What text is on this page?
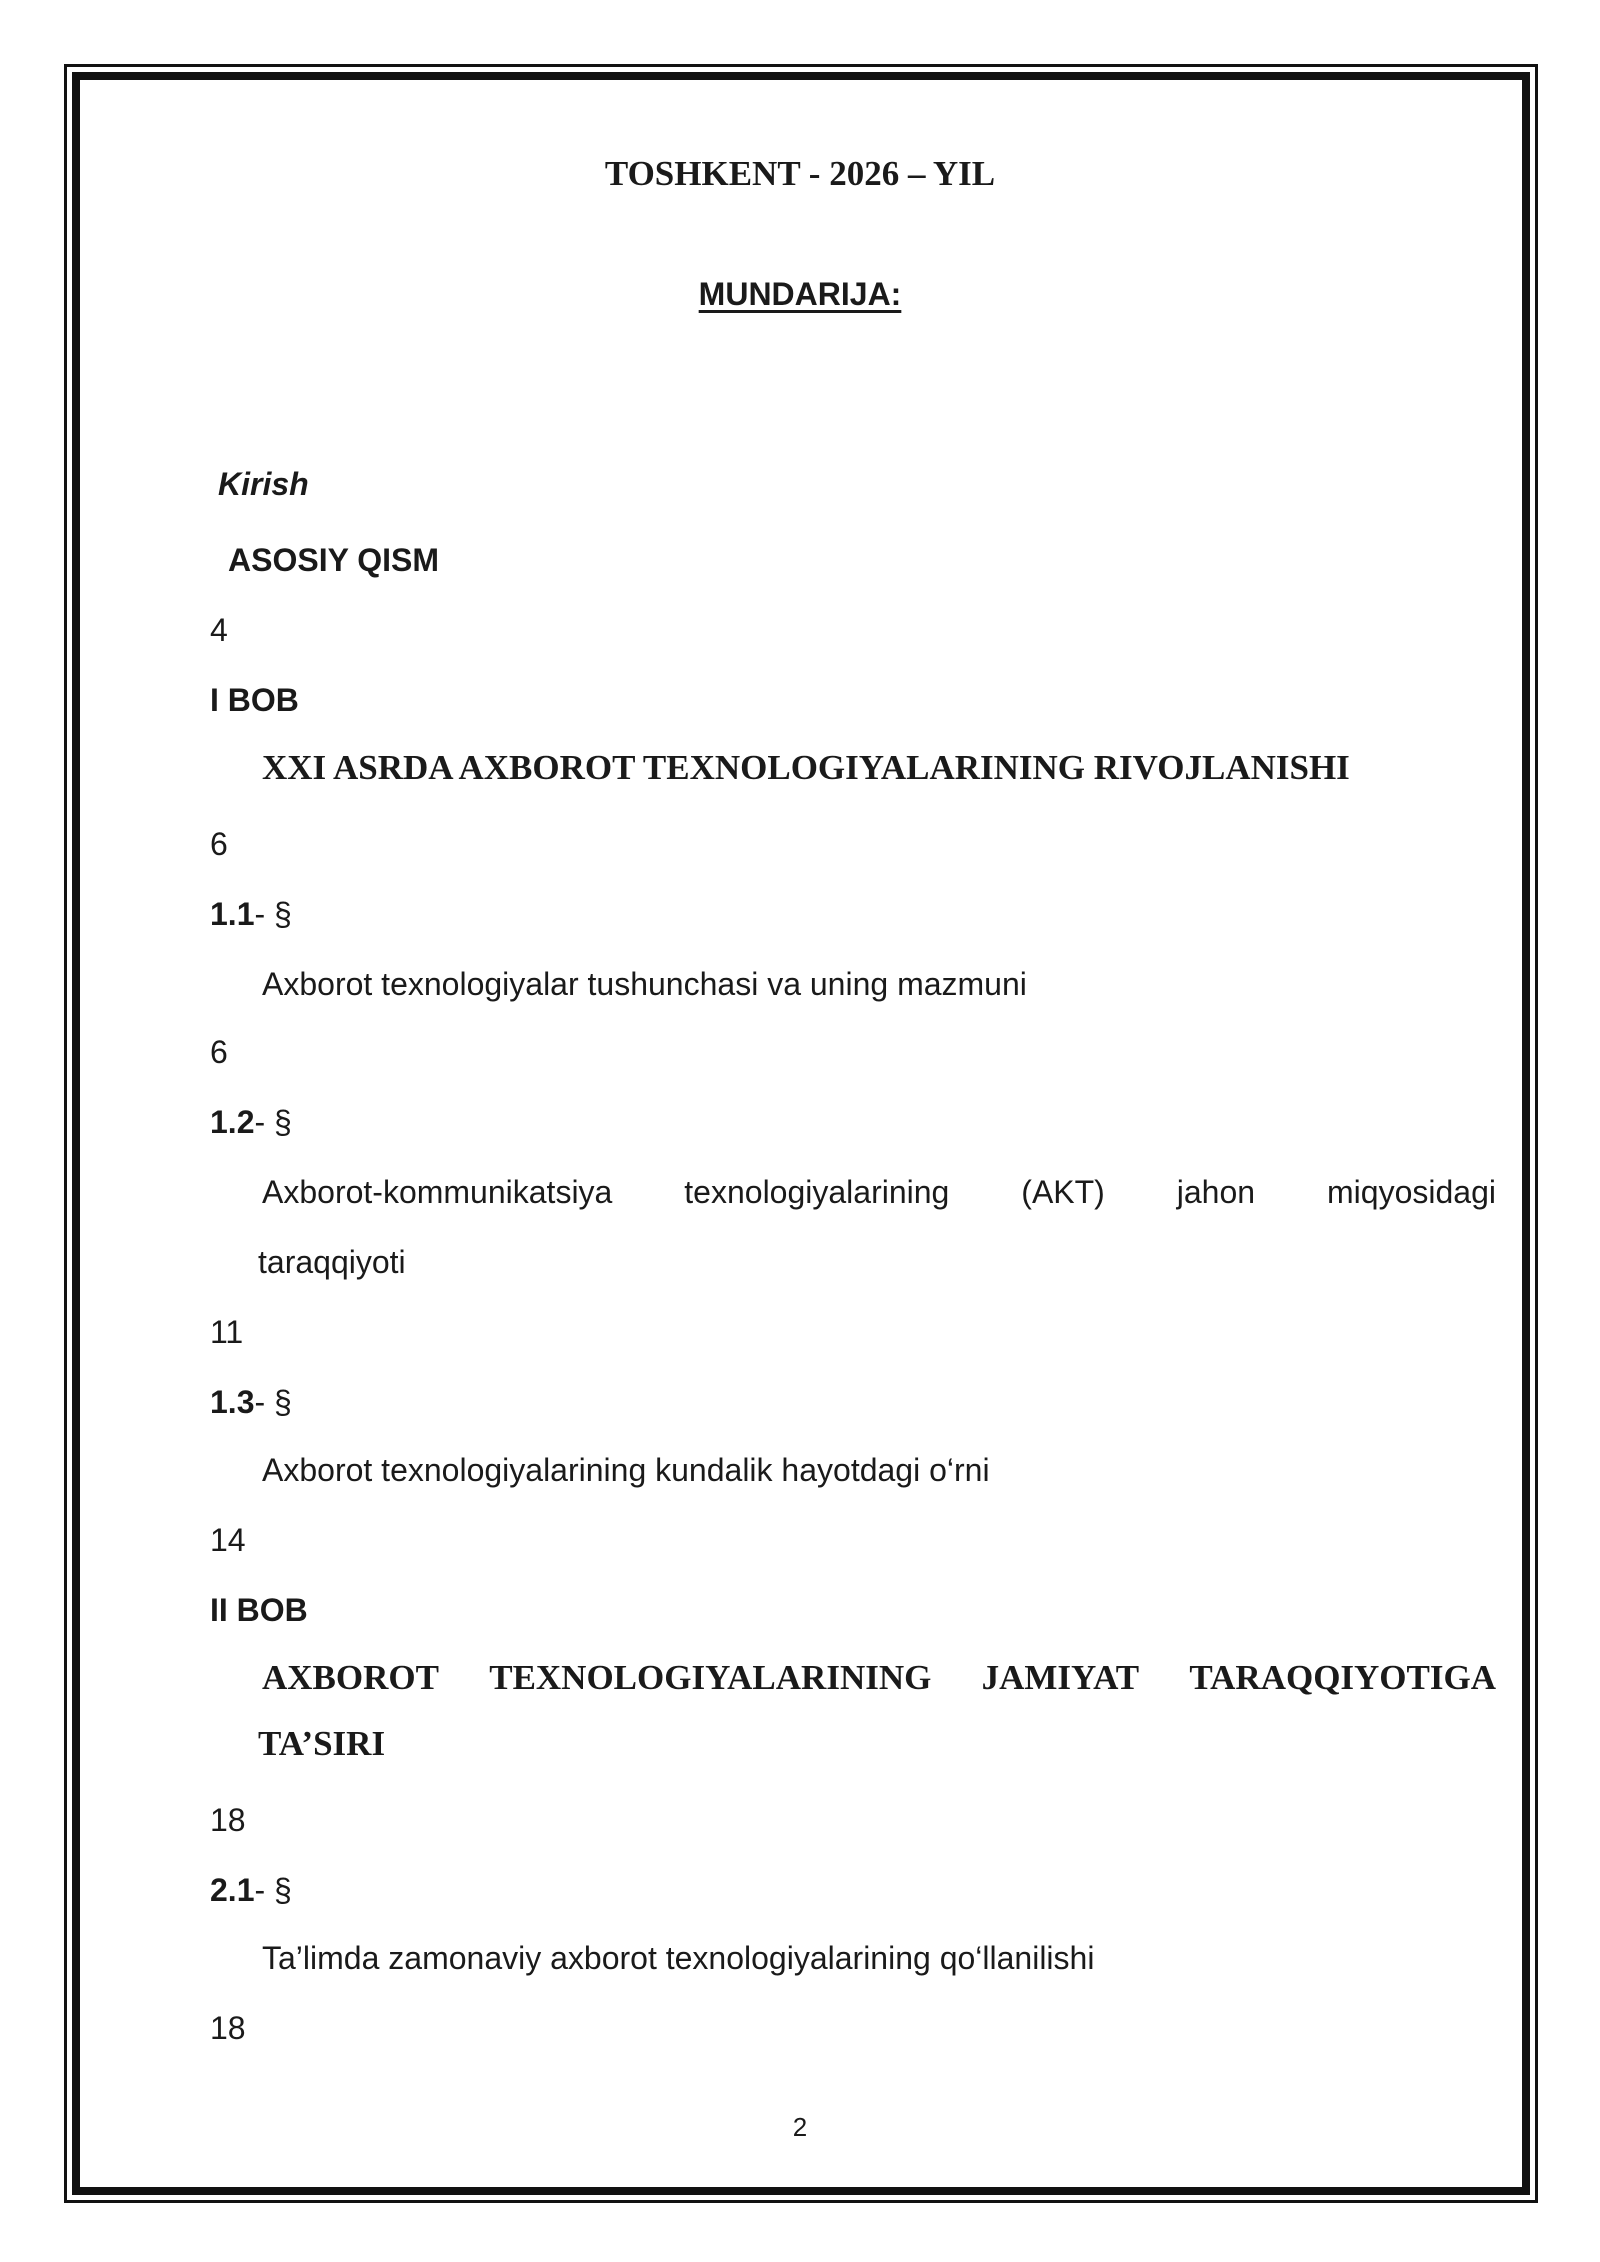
TOSHKENT - 2026 – YIL
MUNDARIJA:
Kirish
ASOSIY QISM
4
I BOB
XXI ASRDA AXBOROT TEXNOLOGIYALARINING RIVOJLANISHI
6
1.1- §
Axborot texnologiyalar tushunchasi va uning mazmuni
6
1.2- §
Axborot-kommunikatsiya texnologiyalarining (AKT) jahon miqyosidagi
taraqqiyoti
11
1.3- §
Axborot texnologiyalarining kundalik hayotdagi o‘rni
14
II BOB
AXBOROT TEXNOLOGIYALARINING JAMIYAT TARAQQIYOTIGA
TA’SIRI
18
2.1- §
Ta’limda zamonaviy axborot texnologiyalarining qo‘llanilishi
18
2
